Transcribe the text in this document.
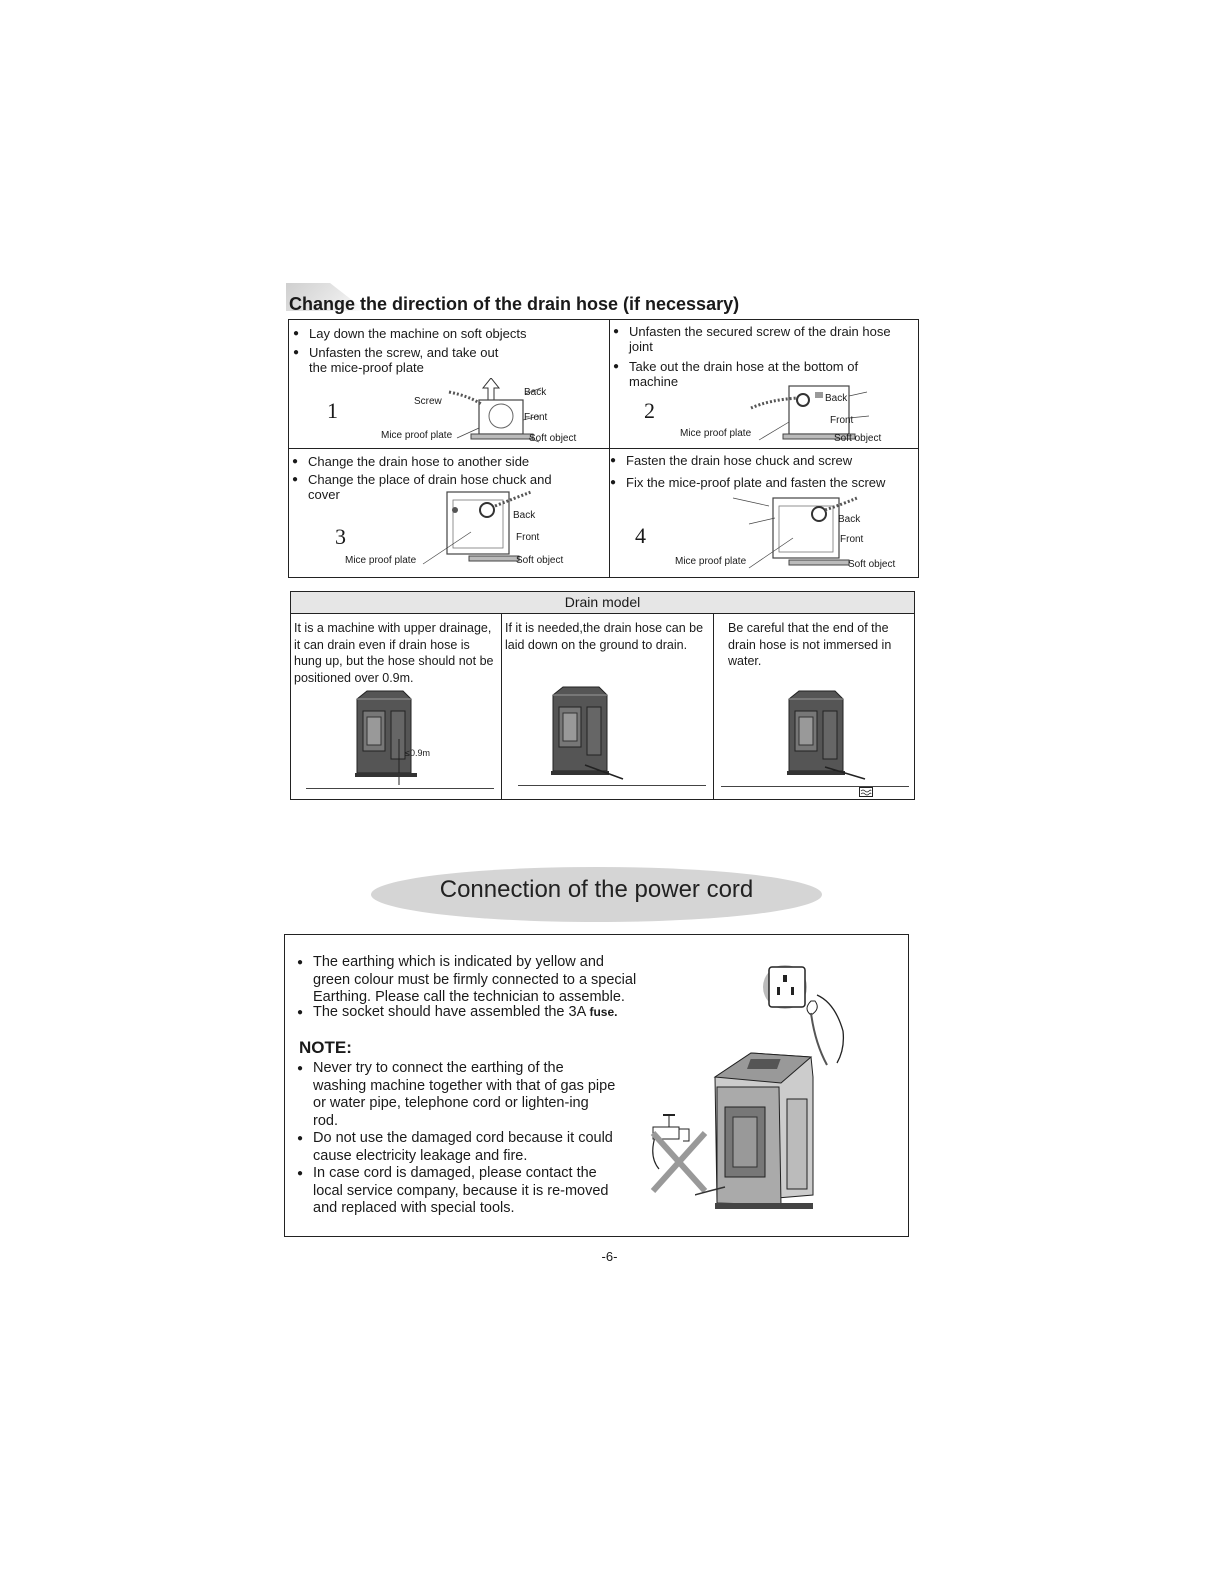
Change the direction of the drain hose (if necessary)
● Lay down the machine on soft objects
● Unfasten the screw, and take out the mice-proof plate
1	Screw
Back
Front
Mice proof plate	Soft object
● Unfasten the secured screw of the drain hose joint
● Take out the drain hose at the bottom of machine
2	Back
Front
Mice proof plate	Soft object
● Change the drain hose to another side
● Change the place of drain hose chuck and cover
3
Back
Front
Mice proof plate	Soft object
● Fasten the drain hose chuck and screw
● Fix the mice-proof plate and fasten the screw
4
Back
Front
Mice proof plate	Soft object
Drain model
It is a machine with upper drainage, it can drain even if drain hose is hung up, but the hose should not be positioned over 0.9m.
≤0.9m
If it is needed,the drain hose can be laid down on the ground to drain.
Be careful that the end of the drain hose is not immersed in water.
Connection of the power cord
● The earthing which is indicated by yellow and green colour must be firmly connected to a special Earthing. Please call the technician to assemble.
● The socket should have assembled the 3A fuse.
NOTE:
● Never try to connect the earthing of the washing machine together with that of gas pipe or water pipe, telephone cord or lighten-ing rod.
● Do not use the damaged cord because it could cause electricity leakage and fire.
● In case cord is damaged, please contact the local service company, because it is re-moved and replaced with special tools.
-6-
